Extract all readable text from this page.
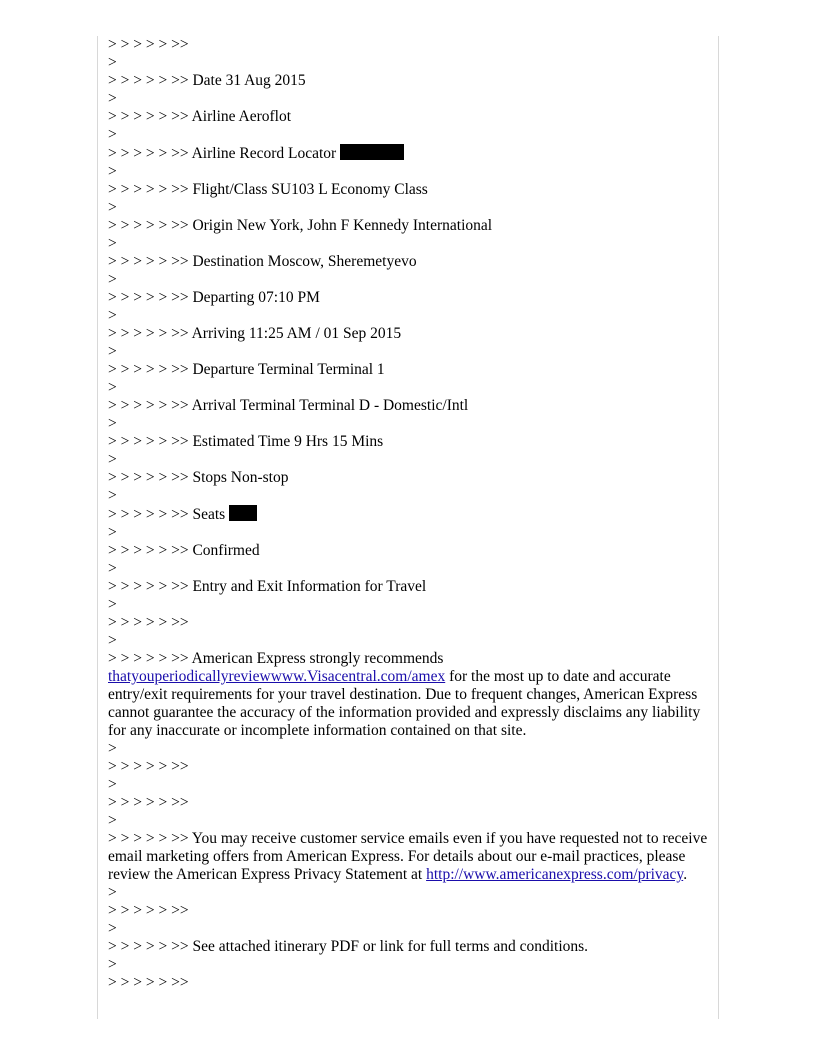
> > > > > >>

>

> > > > > >> Date 31 Aug 2015

>

> > > > > >> Airline Aeroflot

>

> > > > > >> Airline Record Locator

>

> > > > > >> Flight/Class SU103 L Economy Class

>

> > > > > >> Origin New York, John F Kennedy International

>

> > > > > >> Destination Moscow, Sheremetyevo

>

> > > > > >> Departing 07:10 PM

>

> > > > > >> Arriving 11:25 AM / 01 Sep 2015

>

> > > > > >> Departure Terminal Terminal 1

>

> > > > > >> Arrival Terminal Terminal D - Domestic/Intl

>

> > > > > >> Estimated Time 9 Hrs 15 Mins

>

> > > > > >> Stops Non-stop

>

> > > > > >> Seats

>

> > > > > >> Confirmed

>

> > > > > >> Entry and Exit Information for Travel

>

> > > > > >>

>

> > > > > >> American Express strongly recommends
thatyouperiodicallyreviewwww.Visacentral.com/amex for the most up to date and accurate entry/exit requirements for your travel destination. Due to frequent changes, American Express cannot guarantee the accuracy of the information provided and expressly disclaims any liability for any inaccurate or incomplete information contained on that site.

>

> > > > > >>

>

> > > > > >>

>

> > > > > >> You may receive customer service emails even if you have requested not to receive email marketing offers from American Express. For details about our e-mail practices, please review the American Express Privacy Statement at http://www.americanexpress.com/privacy.

>

> > > > > >>

>

> > > > > >> See attached itinerary PDF or link for full terms and conditions.

>

> > > > > >>
